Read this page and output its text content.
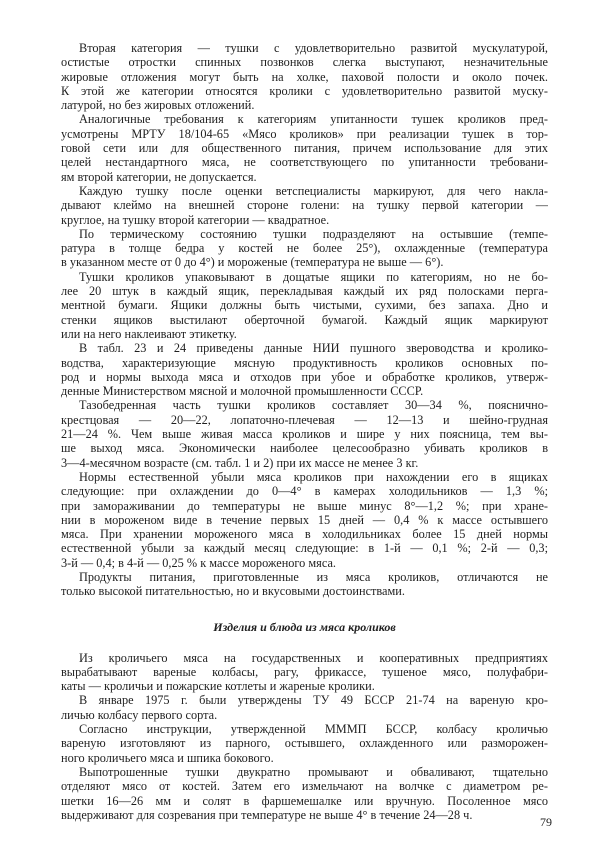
Вторая категория — тушки с удовлетворительно развитой мускулатурой,
остистые отростки спинных позвонков слегка выступают, незначительные
жировые отложения могут быть на холке, паховой полости и около почек.
К этой же категории относятся кролики с удовлетворительно развитой муску-
латурой, но без жировых отложений.
Аналогичные требования к категориям упитанности тушек кроликов пред-
усмотрены МРТУ 18/104-65 «Мясо кроликов» при реализации тушек в тор-
говой сети или для общественного питания, причем использование для этих
целей нестандартного мяса, не соответствующего по упитанности требовани-
ям второй категории, не допускается.
Каждую тушку после оценки ветспециалисты маркируют, для чего накла-
дывают клеймо на внешней стороне голени: на тушку первой категории —
круглое, на тушку второй категории — квадратное.
По термическому состоянию тушки подразделяют на остывшие (темпе-
ратура в толще бедра у костей не более 25°), охлажденные (температура
в указанном месте от 0 до 4°) и мороженые (температура не выше — 6°).
Тушки кроликов упаковывают в дощатые ящики по категориям, но не бо-
лее 20 штук в каждый ящик, перекладывая каждый их ряд полосками перга-
ментной бумаги. Ящики должны быть чистыми, сухими, без запаха. Дно и
стенки ящиков выстилают оберточной бумагой. Каждый ящик маркируют
или на него наклеивают этикетку.
В табл. 23 и 24 приведены данные НИИ пушного звероводства и кролико-
водства, характеризующие мясную продуктивность кроликов основных по-
род и нормы выхода мяса и отходов при убое и обработке кроликов, утверж-
денные Министерством мясной и молочной промышленности СССР.
Тазобедренная часть тушки кроликов составляет 30—34 %, пояснично-
крестцовая — 20—22, лопаточно-плечевая — 12—13 и шейно-грудная
21—24 %. Чем выше живая масса кроликов и шире у них поясница, тем вы-
ше выход мяса. Экономически наиболее целесообразно убивать кроликов в
3—4-месячном возрасте (см. табл. 1 и 2) при их массе не менее 3 кг.
Нормы естественной убыли мяса кроликов при нахождении его в ящиках
следующие: при охлаждении до 0—4° в камерах холодильников — 1,3 %;
при замораживании до температуры не выше минус 8°—1,2 %; при хране-
нии в мороженом виде в течение первых 15 дней — 0,4 % к массе остывшего
мяса. При хранении мороженого мяса в холодильниках более 15 дней нормы
естественной убыли за каждый месяц следующие: в 1-й — 0,1 %; 2-й — 0,3;
3-й — 0,4; в 4-й — 0,25 % к массе мороженого мяса.
Продукты питания, приготовленные из мяса кроликов, отличаются не
только высокой питательностью, но и вкусовыми достоинствами.
Изделия и блюда из мяса кроликов
Из кроличьего мяса на государственных и кооперативных предприятиях
вырабатывают вареные колбасы, рагу, фрикассе, тушеное мясо, полуфабри-
каты — кроличьи и пожарские котлеты и жареные кролики.
В январе 1975 г. были утверждены ТУ 49 БССР 21-74 на вареную кро-
личью колбасу первого сорта.
Согласно инструкции, утвержденной МММП БССР, колбасу кроличью
вареную изготовляют из парного, остывшего, охлажденного или разморожен-
ного кроличьего мяса и шпика бокового.
Выпотрошенные тушки двукратно промывают и обваливают, тщательно
отделяют мясо от костей. Затем его измельчают на волчке с диаметром ре-
шетки 16—26 мм и солят в фаршемешалке или вручную. Посоленное мясо
выдерживают для созревания при температуре не выше 4° в течение 24—28 ч.
79
